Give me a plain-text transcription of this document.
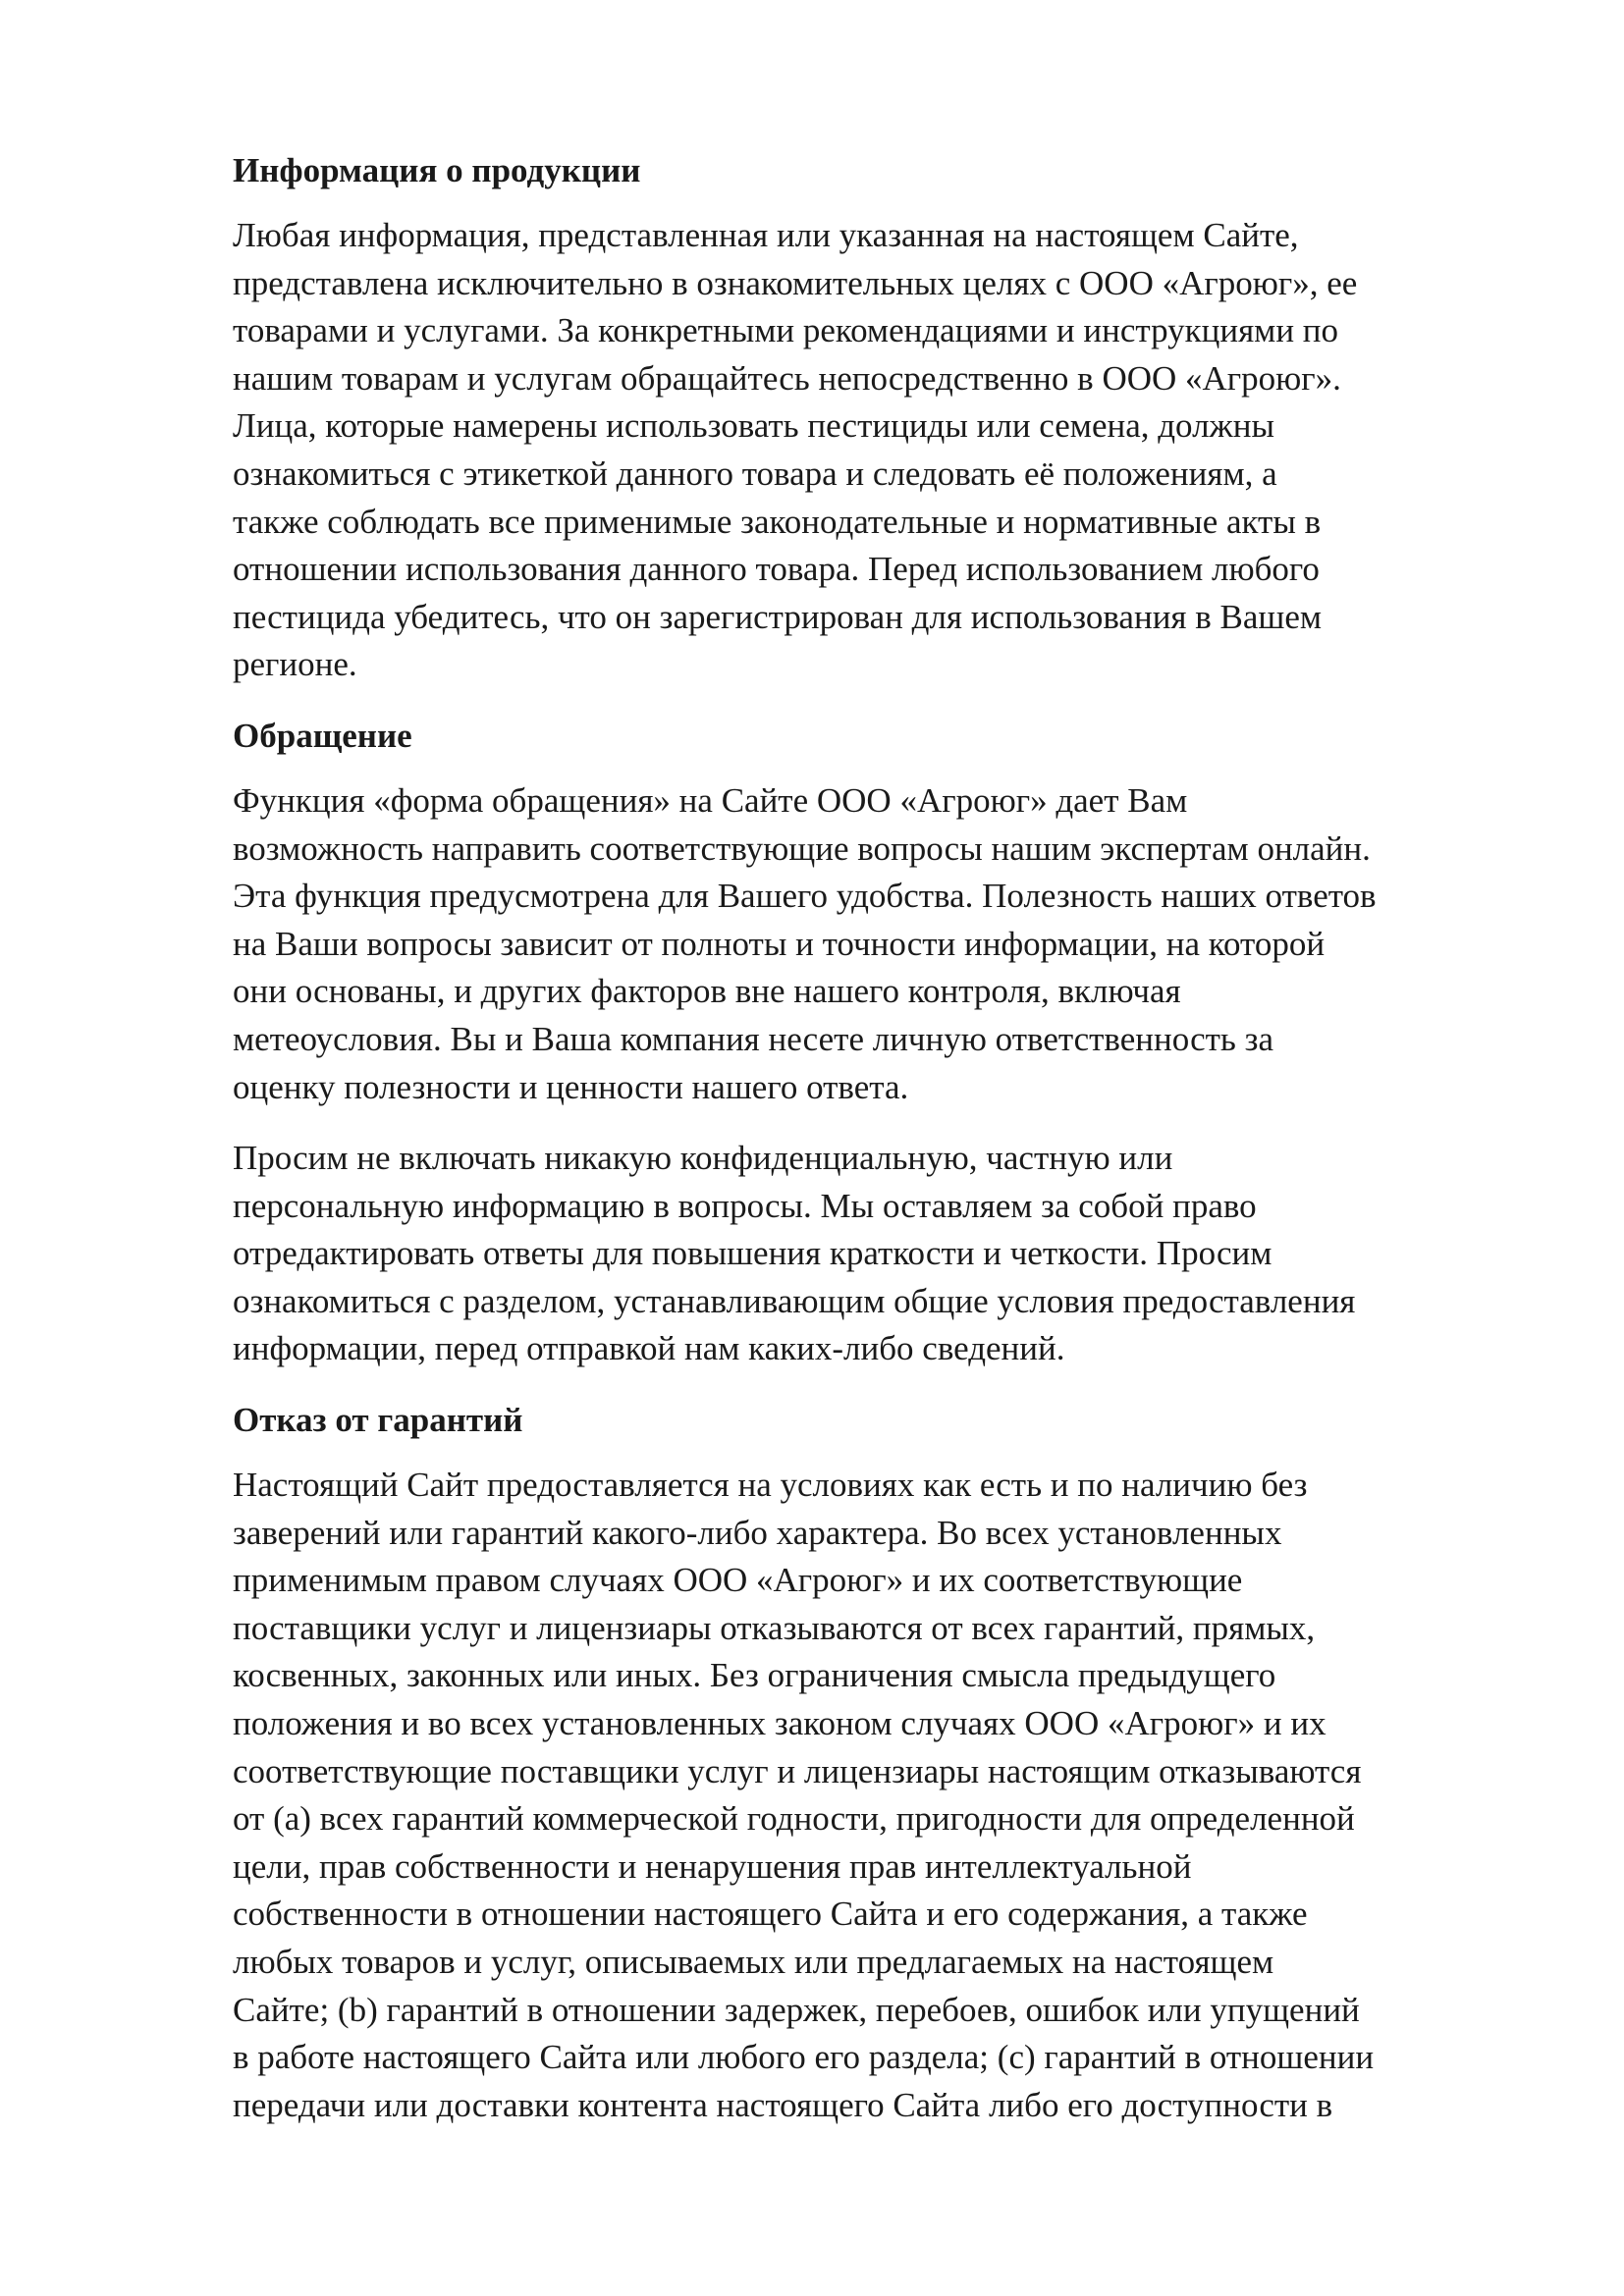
Информация о продукции
Любая информация, представленная или указанная на настоящем Сайте,
представлена исключительно в ознакомительных целях с ООО «Агроюг», ее
товарами и услугами. За конкретными рекомендациями и инструкциями по
нашим товарам и услугам обращайтесь непосредственно в ООО «Агроюг».
Лица, которые намерены использовать пестициды или семена, должны
ознакомиться с этикеткой данного товара и следовать её положениям, а
также соблюдать все применимые законодательные и нормативные акты в
отношении использования данного товара. Перед использованием любого
пестицида убедитесь, что он зарегистрирован для использования в Вашем
регионе.
Обращение
Функция «форма обращения» на Сайте ООО «Агроюг» дает Вам
возможность направить соответствующие вопросы нашим экспертам онлайн.
Эта функция предусмотрена для Вашего удобства. Полезность наших ответов
на Ваши вопросы зависит от полноты и точности информации, на которой
они основаны, и других факторов вне нашего контроля, включая
метеоусловия. Вы и Ваша компания несете личную ответственность за
оценку полезности и ценности нашего ответа.
Просим не включать никакую конфиденциальную, частную или
персональную информацию в вопросы. Мы оставляем за собой право
отредактировать ответы для повышения краткости и четкости. Просим
ознакомиться с разделом, устанавливающим общие условия предоставления
информации, перед отправкой нам каких-либо сведений.
Отказ от гарантий
Настоящий Сайт предоставляется на условиях как есть и по наличию без
заверений или гарантий какого-либо характера. Во всех установленных
применимым правом случаях ООО «Агроюг» и их соответствующие
поставщики услуг и лицензиары отказываются от всех гарантий, прямых,
косвенных, законных или иных. Без ограничения смысла предыдущего
положения и во всех установленных законом случаях ООО «Агроюг» и их
соответствующие поставщики услуг и лицензиары настоящим отказываются
от (a) всех гарантий коммерческой годности, пригодности для определенной
цели, прав собственности и ненарушения прав интеллектуальной
собственности в отношении настоящего Сайта и его содержания, а также
любых товаров и услуг, описываемых или предлагаемых на настоящем
Сайте; (b) гарантий в отношении задержек, перебоев, ошибок или упущений
в работе настоящего Сайта или любого его раздела; (c) гарантий в отношении
передачи или доставки контента настоящего Сайта либо его доступности в
